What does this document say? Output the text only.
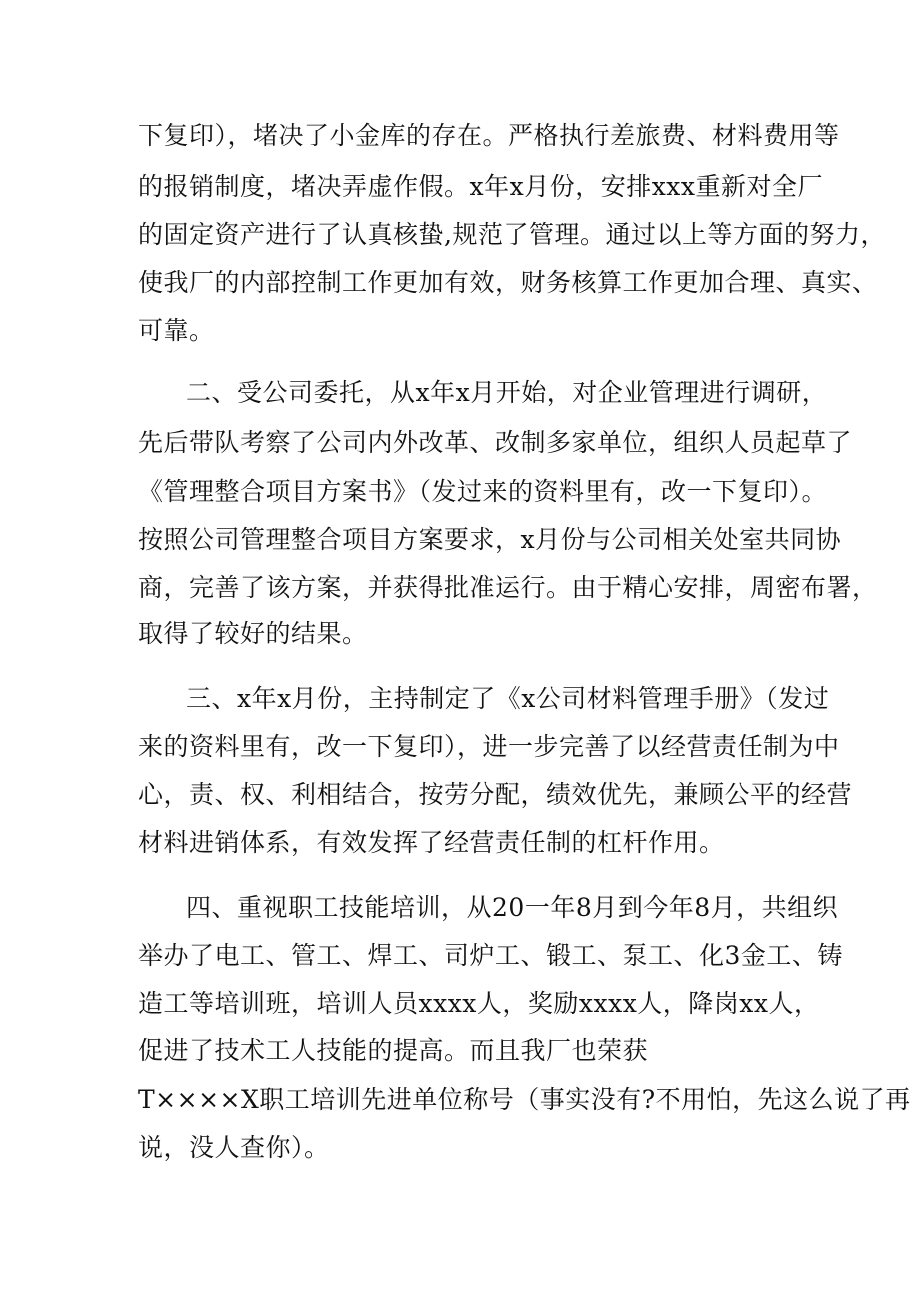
下复印），堵决了小金库的存在。严格执行差旅费、材料费用等
的报销制度，堵决弄虚作假。x年x月份，安排xxx重新对全厂
的固定资产进行了认真核蛰,规范了管理。通过以上等方面的努力，
使我厂的内部控制工作更加有效，财务核算工作更加合理、真实、
可靠。
二、受公司委托，从x年x月开始，对企业管理进行调研，
先后带队考察了公司内外改革、改制多家单位，组织人员起草了
《管理整合项目方案书》（发过来的资料里有，改一下复印）。
按照公司管理整合项目方案要求，x月份与公司相关处室共同协
商，完善了该方案，并获得批准运行。由于精心安排，周密布署，
取得了较好的结果。
三、x年x月份，主持制定了《x公司材料管理手册》（发过
来的资料里有，改一下复印），进一步完善了以经营责任制为中
心，责、权、利相结合，按劳分配，绩效优先，兼顾公平的经营
材料进销体系，有效发挥了经营责任制的杠杆作用。
四、重视职工技能培训，从20一年8月到今年8月，共组织
举办了电工、管工、焊工、司炉工、锻工、泵工、化3金工、铸
造工等培训班，培训人员xxxx人，奖励xxxx人，降岗xx人，
促进了技术工人技能的提高。而且我厂也荣获
T××××X职工培训先进单位称号（事实没有?不用怕，先这么说了再
说，没人查你）。
